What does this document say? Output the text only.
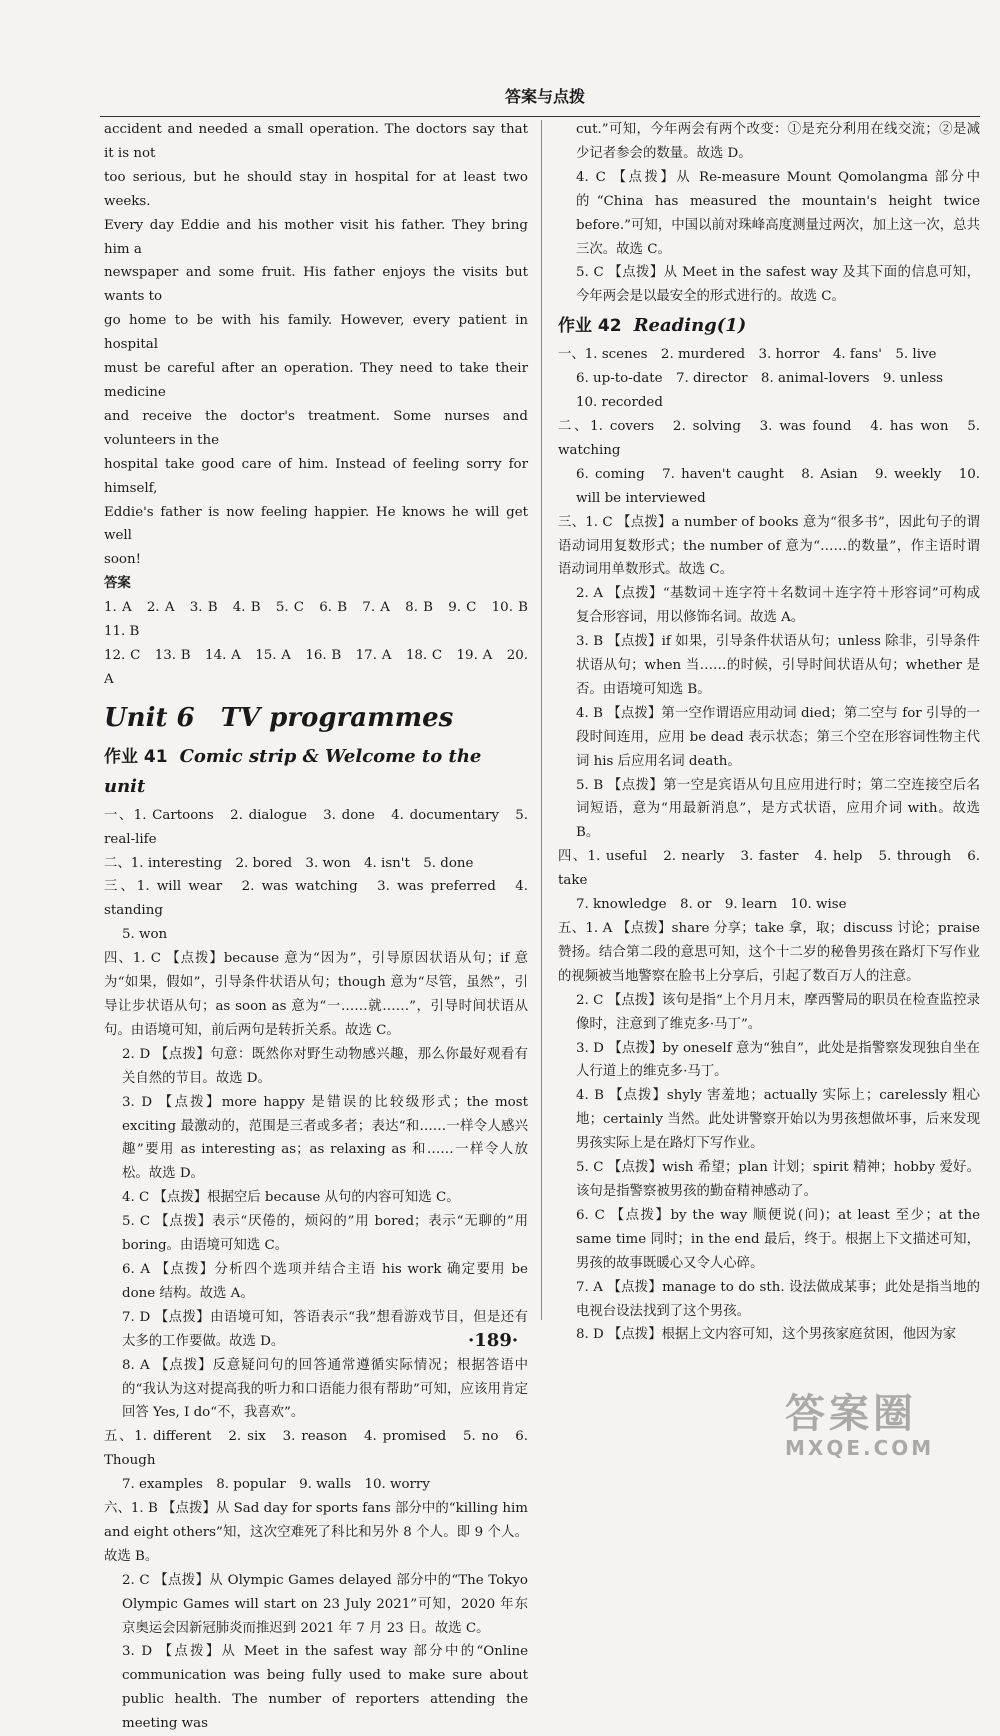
答案与点拨

accident and needed a small operation. The doctors say that it is not

too serious, but he should stay in hospital for at least two weeks.

Every day Eddie and his mother visit his father. They bring him a

newspaper and some fruit. His father enjoys the visits but wants to

go home to be with his family. However, every patient in hospital

must be careful after an operation. They need to take their medicine

and receive the doctor's treatment. Some nurses and volunteers in the

hospital take good care of him. Instead of feeling sorry for himself,

Eddie's father is now feeling happier. He knows he will get well

soon!

答案

1. A　2. A　3. B　4. B　5. C　6. B　7. A　8. B　9. C　10. B　11. B

12. C　13. B　14. A　15. A　16. B　17. A　18. C　19. A　20. A

Unit 6　TV programmes
作业 41 Comic strip & Welcome to the unit

一、1. Cartoons　2. dialogue　3. done　4. documentary　5. real-life

二、1. interesting　2. bored　3. won　4. isn't　5. done

三、1. will wear　2. was watching　3. was preferred　4. standing

5. won

四、1. C 【点拨】because 意为“因为”，引导原因状语从句；if 意为“如果，假如”，引导条件状语从句；though 意为“尽管，虽然”，引导让步状语从句；as soon as 意为“一……就……”，引导时间状语从句。由语境可知，前后两句是转折关系。故选 C。

2. D 【点拨】句意：既然你对野生动物感兴趣，那么你最好观看有关自然的节目。故选 D。

3. D 【点拨】more happy 是错误的比较级形式；the most exciting 最激动的，范围是三者或多者；表达“和……一样令人感兴趣”要用 as interesting as；as relaxing as 和……一样令人放松。故选 D。

4. C 【点拨】根据空后 because 从句的内容可知选 C。

5. C 【点拨】表示“厌倦的，烦闷的”用 bored；表示“无聊的”用 boring。由语境可知选 C。

6. A 【点拨】分析四个选项并结合主语 his work 确定要用 be done 结构。故选 A。

7. D 【点拨】由语境可知，答语表示“我”想看游戏节目，但是还有太多的工作要做。故选 D。

8. A 【点拨】反意疑问句的回答通常遵循实际情况；根据答语中的“我认为这对提高我的听力和口语能力很有帮助”可知，应该用肯定回答 Yes, I do“不，我喜欢”。

五、1. different　2. six　3. reason　4. promised　5. no　6. Though

7. examples　8. popular　9. walls　10. worry

六、1. B 【点拨】从 Sad day for sports fans 部分中的“killing him and eight others”知，这次空难死了科比和另外 8 个人。即 9 个人。故选 B。

2. C 【点拨】从 Olympic Games delayed 部分中的“The Tokyo Olympic Games will start on 23 July 2021”可知，2020 年东京奥运会因新冠肺炎而推迟到 2021 年 7 月 23 日。故选 C。

3. D 【点拨】从 Meet in the safest way 部分中的“Online communication was being fully used to make sure about public health. The number of reporters attending the meeting was

cut.”可知，今年两会有两个改变：①是充分利用在线交流；②是减少记者参会的数量。故选 D。

4. C 【点拨】从 Re-measure Mount Qomolangma 部分中的“China has measured the mountain's height twice before.”可知，中国以前对珠峰高度测量过两次，加上这一次，总共三次。故选 C。

5. C 【点拨】从 Meet in the safest way 及其下面的信息可知，今年两会是以最安全的形式进行的。故选 C。

作业 42 Reading(1)

一、1. scenes　2. murdered　3. horror　4. fans'　5. live

6. up-to-date　7. director　8. animal-lovers　9. unless

10. recorded

二、1. covers　2. solving　3. was found　4. has won　5. watching

6. coming　7. haven't caught　8. Asian　9. weekly　10. will be interviewed

三、1. C 【点拨】a number of books 意为“很多书”，因此句子的谓语动词用复数形式；the number of 意为“……的数量”，作主语时谓语动词用单数形式。故选 C。

2. A 【点拨】“基数词＋连字符＋名数词＋连字符＋形容词”可构成复合形容词，用以修饰名词。故选 A。

3. B 【点拨】if 如果，引导条件状语从句；unless 除非，引导条件状语从句；when 当……的时候，引导时间状语从句；whether 是否。由语境可知选 B。

4. B 【点拨】第一空作谓语应用动词 died；第二空与 for 引导的一段时间连用，应用 be dead 表示状态；第三个空在形容词性物主代词 his 后应用名词 death。

5. B 【点拨】第一空是宾语从句且应用进行时；第二空连接空后名词短语，意为“用最新消息”，是方式状语，应用介词 with。故选 B。

四、1. useful　2. nearly　3. faster　4. help　5. through　6. take

7. knowledge　8. or　9. learn　10. wise

五、1. A 【点拨】share 分享；take 拿，取；discuss 讨论；praise 赞扬。结合第二段的意思可知，这个十二岁的秘鲁男孩在路灯下写作业的视频被当地警察在脸书上分享后，引起了数百万人的注意。

2. C 【点拨】该句是指“上个月月末，摩西警局的职员在检查监控录像时，注意到了维克多·马丁”。

3. D 【点拨】by oneself 意为“独自”，此处是指警察发现独自坐在人行道上的维克多·马丁。

4. B 【点拨】shyly 害羞地；actually 实际上；carelessly 粗心地；certainly 当然。此处讲警察开始以为男孩想做坏事，后来发现男孩实际上是在路灯下写作业。

5. C 【点拨】wish 希望；plan 计划；spirit 精神；hobby 爱好。该句是指警察被男孩的勤奋精神感动了。

6. C 【点拨】by the way 顺便说(问)；at least 至少；at the same time 同时；in the end 最后，终于。根据上下文描述可知，男孩的故事既暖心又令人心碎。

7. A 【点拨】manage to do sth. 设法做成某事；此处是指当地的电视台设法找到了这个男孩。

8. D 【点拨】根据上文内容可知，这个男孩家庭贫困，他因为家

·189·
答案圈
MXQE.COM
